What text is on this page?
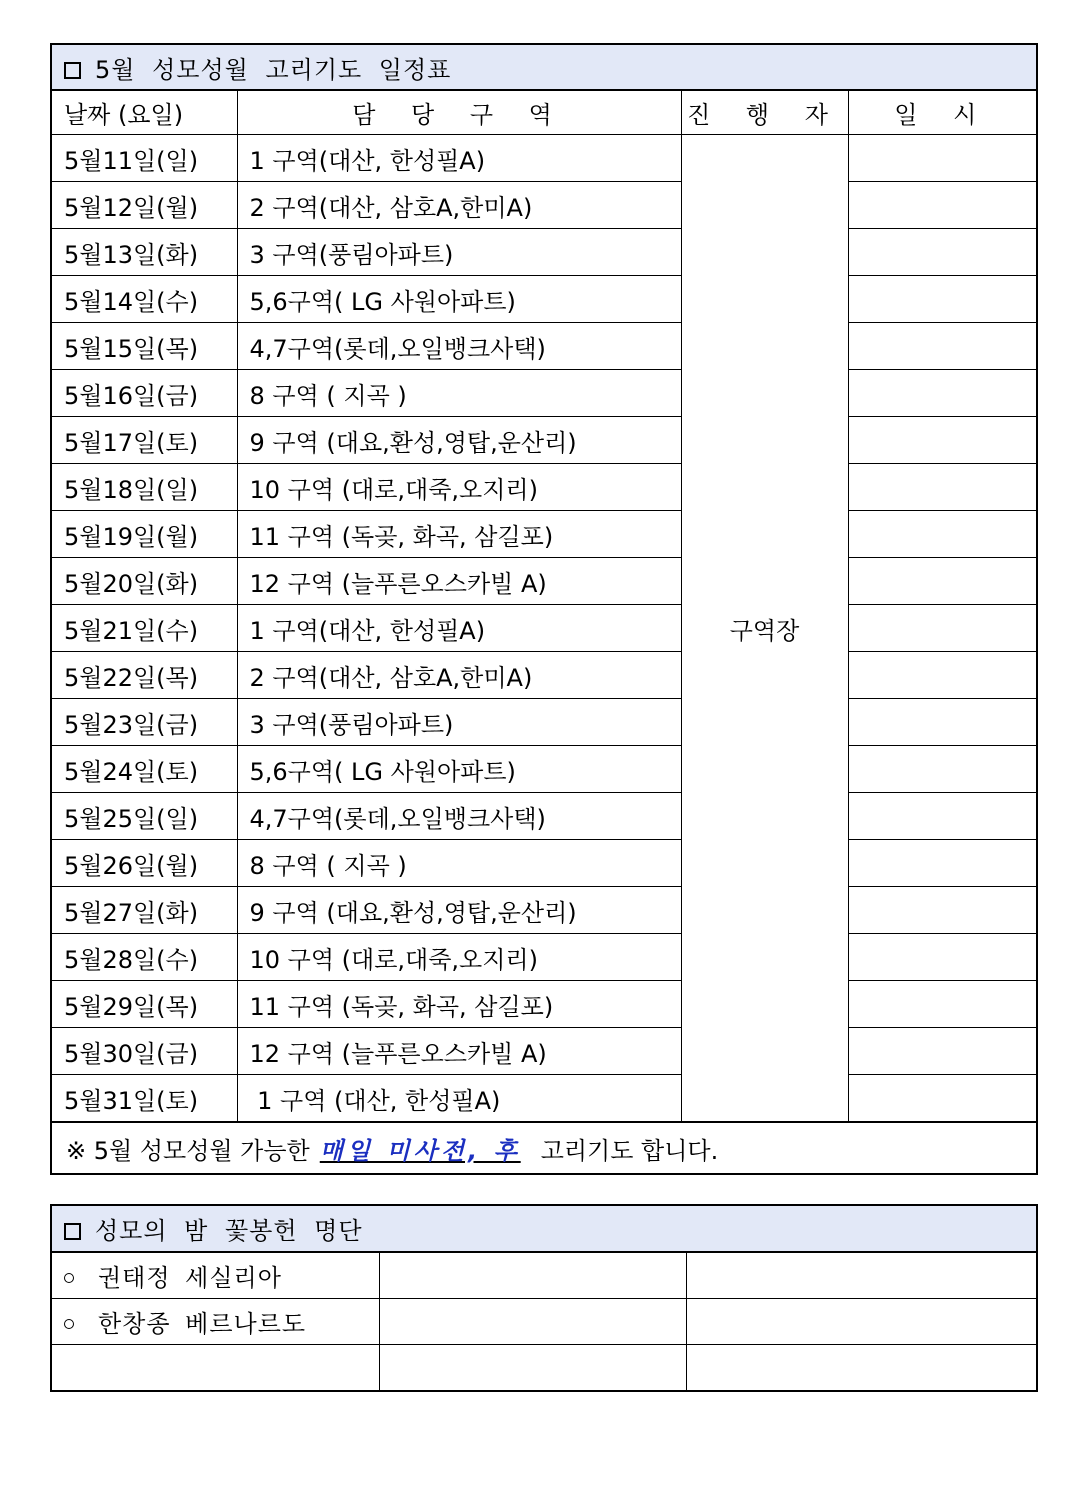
5월 성모성월 고리기도 일정표			
날짜 (요일)	담 당 구 역	진 행 자	일 시
5월11일(일)	1 구역(대산, 한성필A)	구역장	
5월12일(월)	2 구역(대산, 삼호A,한미A)		
5월13일(화)	3 구역(풍림아파트)		
5월14일(수)	5,6구역( LG 사원아파트)		
5월15일(목)	4,7구역(롯데,오일뱅크사택)		
5월16일(금)	8 구역 ( 지곡 )		
5월17일(토)	9 구역 (대요,환성,영탑,운산리)		
5월18일(일)	10 구역 (대로,대죽,오지리)		
5월19일(월)	11 구역 (독곶, 화곡, 삼길포)		
5월20일(화)	12 구역 (늘푸른오스카빌 A)		
5월21일(수)	1 구역(대산, 한성필A)		
5월22일(목)	2 구역(대산, 삼호A,한미A)		
5월23일(금)	3 구역(풍림아파트)		
5월24일(토)	5,6구역( LG 사원아파트)		
5월25일(일)	4,7구역(롯데,오일뱅크사택)		
5월26일(월)	8 구역 ( 지곡 )		
5월27일(화)	9 구역 (대요,환성,영탑,운산리)		
5월28일(수)	10 구역 (대로,대죽,오지리)		
5월29일(목)	11 구역 (독곶, 화곡, 삼길포)		
5월30일(금)	12 구역 (늘푸른오스카빌 A)		
5월31일(토)	1 구역 (대산, 한성필A)		
※ 5월 성모성월 가능한 매일 미사전, 후 고리기도 합니다.			
성모의 밤 꽃봉헌 명단		
권태정 세실리아		
한창종 베르나르도		
